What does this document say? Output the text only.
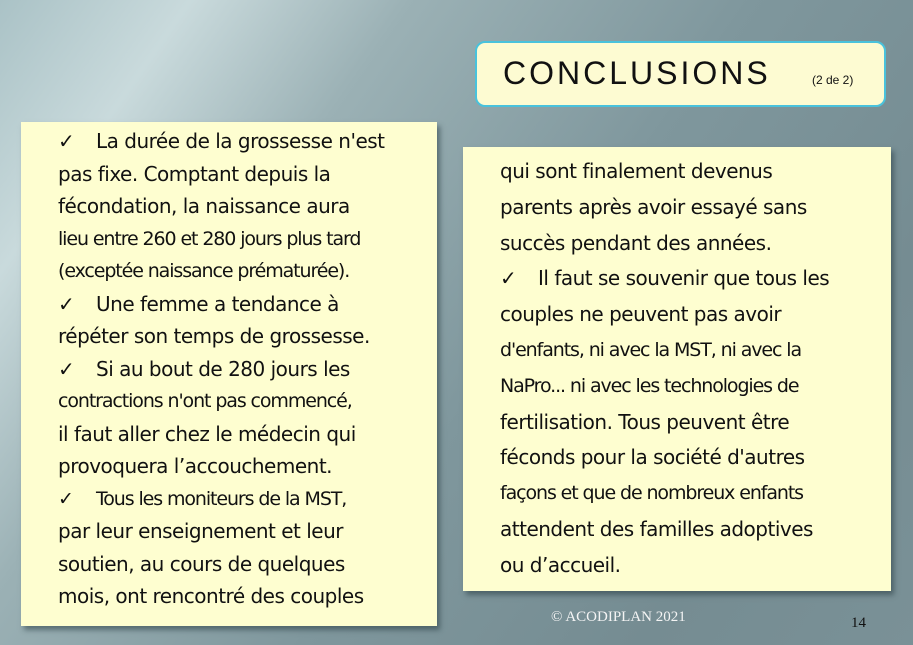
CONCLUSIONS	(2 de 2)
✓ La durée de la grossesse n'est
pas fixe. Comptant depuis la
fécondation, la naissance aura
lieu entre 260 et 280 jours plus tard
(exceptée naissance prématurée).
✓ Une femme a tendance à
répéter son temps de grossesse.
✓ Si au bout de 280 jours les
contractions n'ont pas commencé,
il faut aller chez le médecin qui
provoquera l’accouchement.
✓ Tous les moniteurs de la MST,
par leur enseignement et leur
soutien, au cours de quelques
mois, ont rencontré des couples
qui sont finalement devenus
parents après avoir essayé sans
succès pendant des années.
✓ Il faut se souvenir que tous les
couples ne peuvent pas avoir
d'enfants, ni avec la MST, ni avec la
NaPro... ni avec les technologies de
fertilisation. Tous peuvent être
féconds pour la société d'autres
façons et que de nombreux enfants
attendent des familles adoptives
ou d’accueil.
© ACODIPLAN 2021	14
